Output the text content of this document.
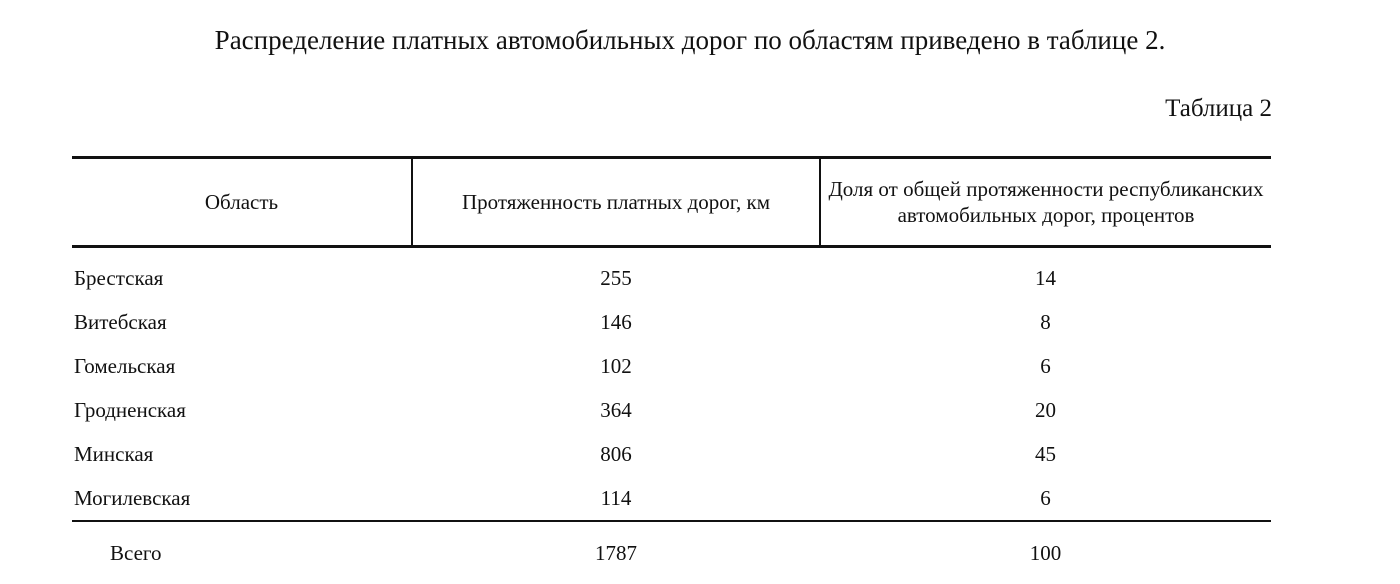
Распределение платных автомобильных дорог по областям приведено в таблице 2.
Таблица 2
Область	Протяженность платных дорог, км	Доля от общей протяженности республиканских автомобильных дорог, процентов
Брестская	255	14
Витебская	146	8
Гомельская	102	6
Гродненская	364	20
Минская	806	45
Могилевская	114	6
Всего	1787	100
